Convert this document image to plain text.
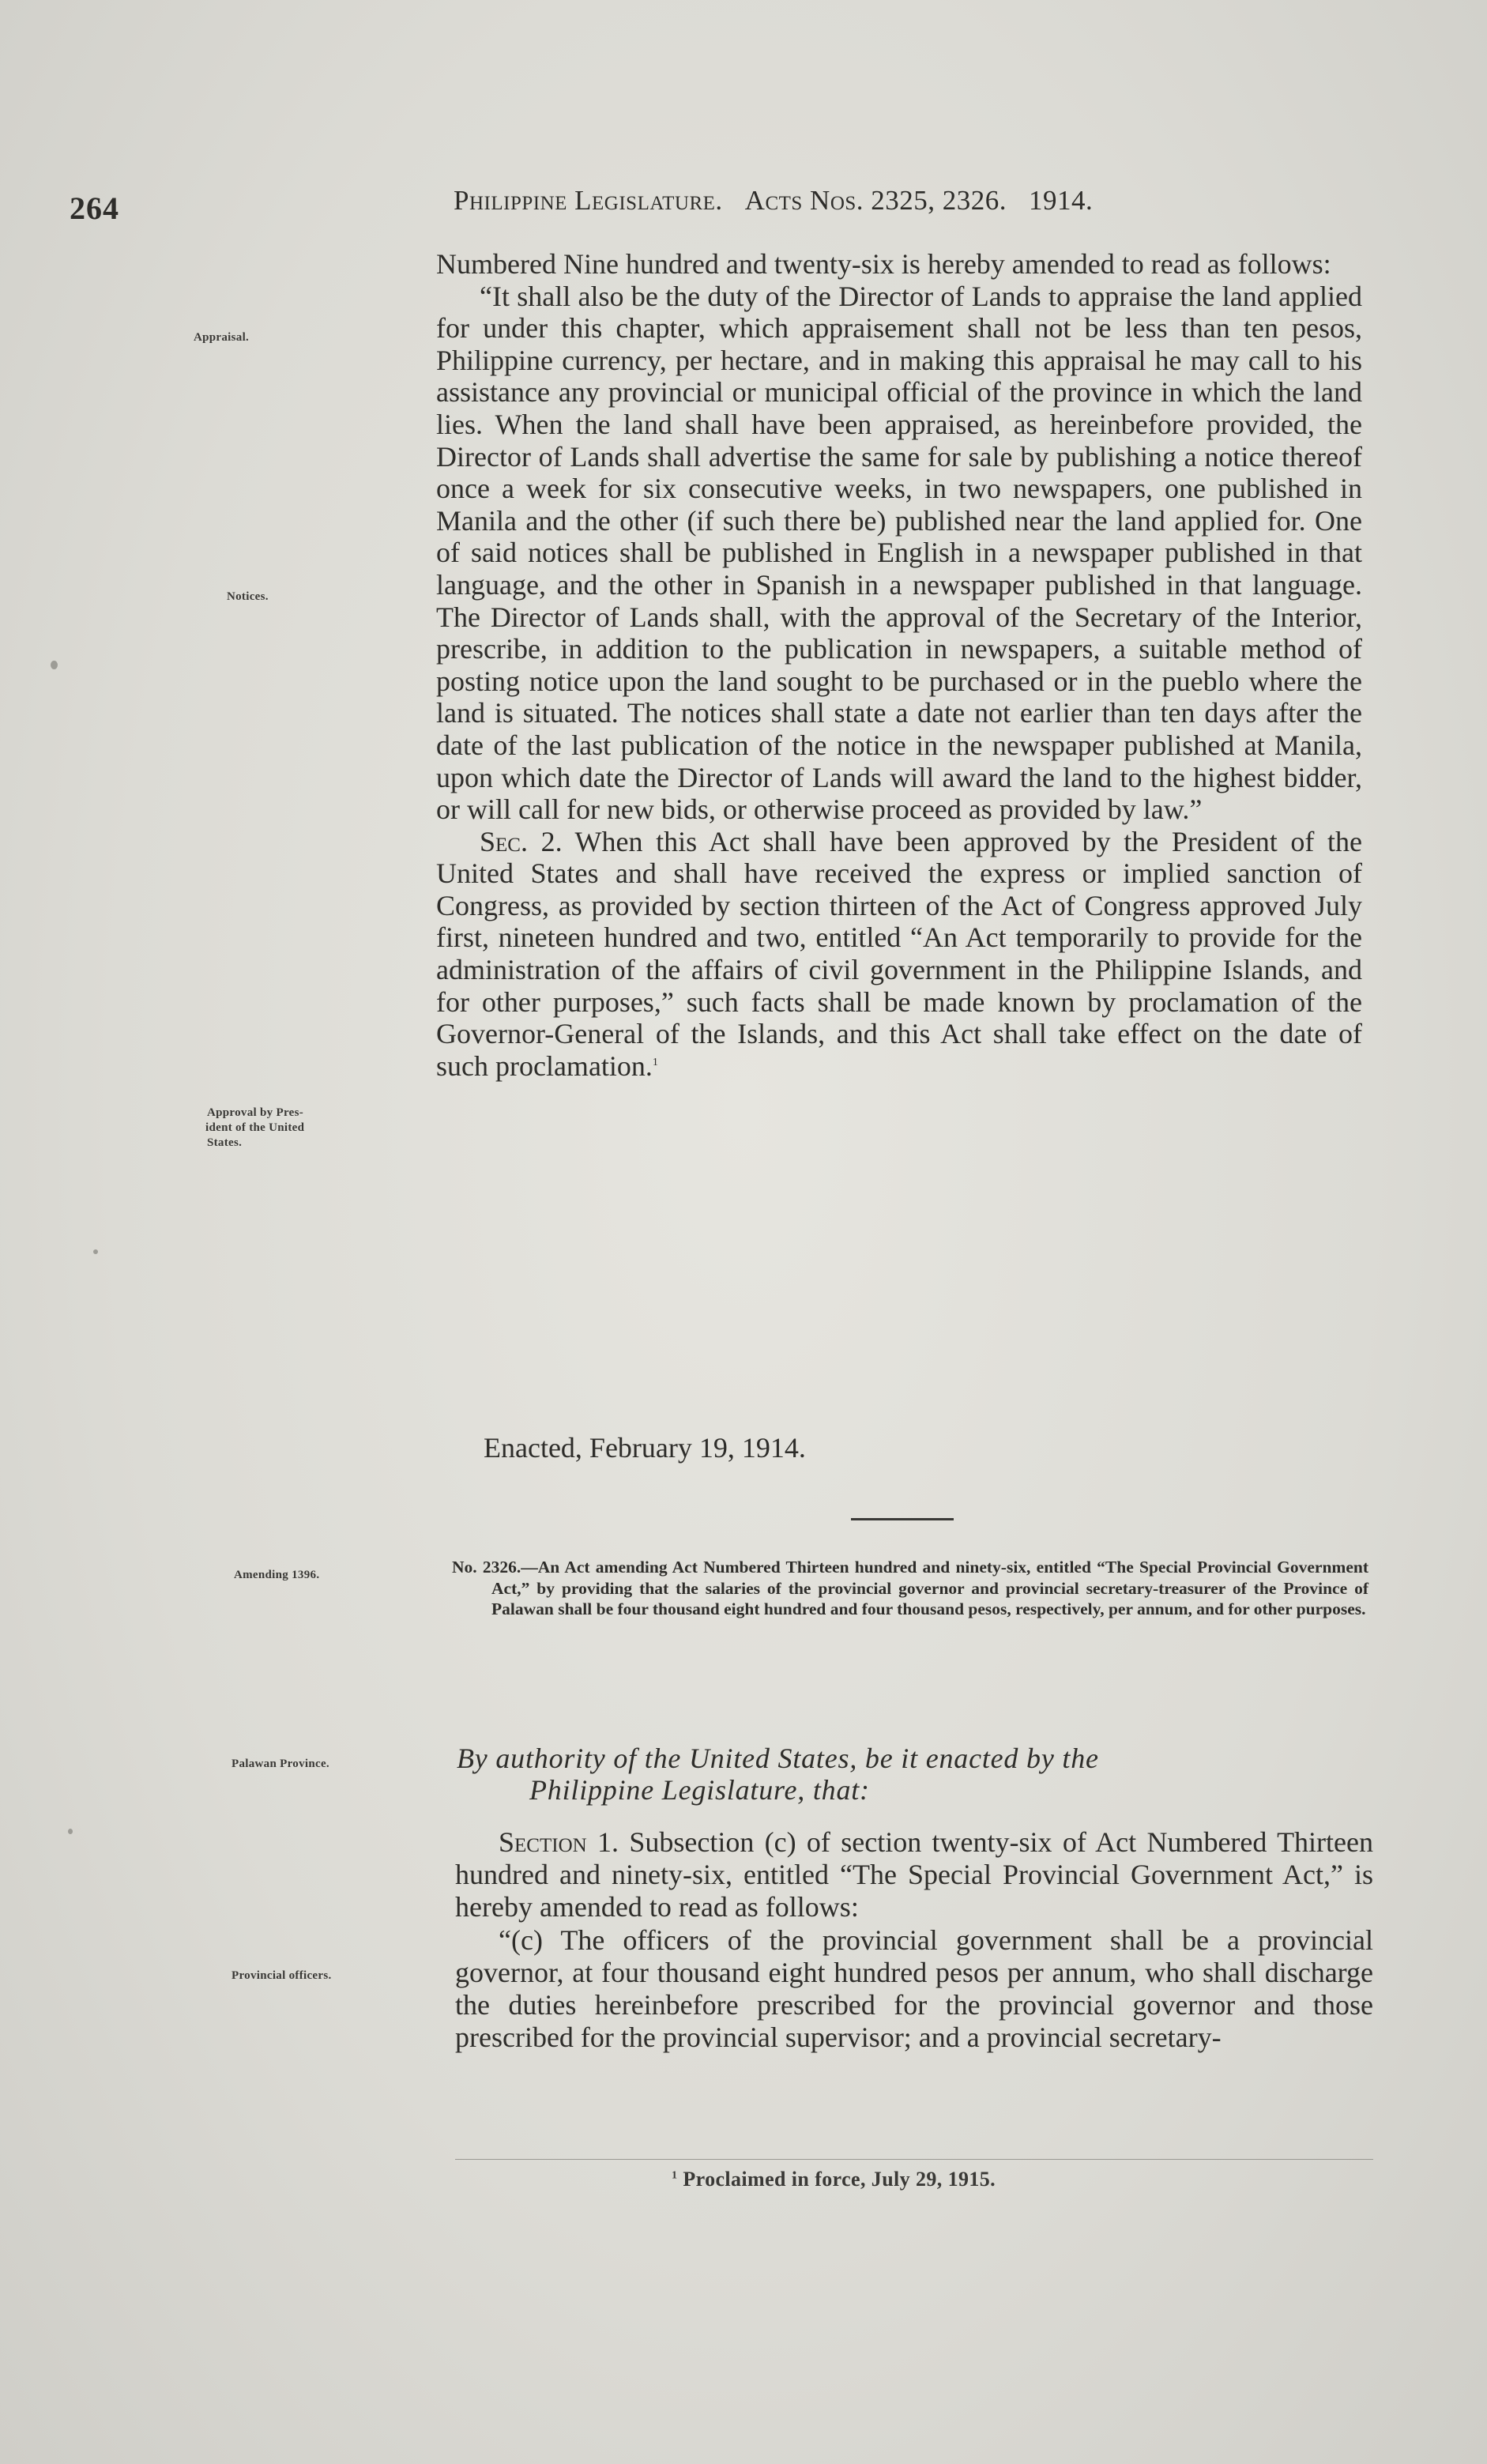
264	Philippine Legislature. Acts Nos. 2325, 2326. 1914.
Appraisal.
Notices.
Approval by Pres-
ident of the United
States.
Amending 1396.
Palawan Province.
Provincial officers.

Numbered Nine hundred and twenty-six is hereby amended to read as follows:

“It shall also be the duty of the Director of Lands to appraise the land applied for under this chapter, which appraisement shall not be less than ten pesos, Philippine currency, per hectare, and in making this appraisal he may call to his assistance any provincial or municipal official of the province in which the land lies. When the land shall have been appraised, as hereinbefore provided, the Director of Lands shall advertise the same for sale by publishing a notice thereof once a week for six consecutive weeks, in two newspapers, one published in Manila and the other (if such there be) published near the land applied for. One of said notices shall be published in English in a newspaper published in that language, and the other in Spanish in a newspaper published in that language. The Director of Lands shall, with the approval of the Secretary of the Interior, prescribe, in addition to the publication in newspapers, a suitable method of posting notice upon the land sought to be purchased or in the pueblo where the land is situated. The notices shall state a date not earlier than ten days after the date of the last publication of the notice in the newspaper published at Manila, upon which date the Director of Lands will award the land to the highest bidder, or will call for new bids, or otherwise proceed as provided by law.”

Sec. 2. When this Act shall have been approved by the President of the United States and shall have received the express or implied sanction of Congress, as provided by section thirteen of the Act of Congress approved July first, nineteen hundred and two, entitled “An Act temporarily to provide for the administration of the affairs of civil government in the Philippine Islands, and for other purposes,” such facts shall be made known by proclamation of the Governor-General of the Islands, and this Act shall take effect on the date of such proclamation.$^1$

Enacted, February 19, 1914.
No. 2326.—An Act amending Act Numbered Thirteen hundred and ninety-six, entitled “The Special Provincial Government Act,” by providing that the salaries of the provincial governor and provincial secretary-treasurer of the Province of Palawan shall be four thousand eight hundred and four thousand pesos, respectively, per annum, and for other purposes.
By authority of the United States, be it enacted by the
Philippine Legislature, that:

Section 1. Subsection (c) of section twenty-six of Act Numbered Thirteen hundred and ninety-six, entitled “The Special Provincial Government Act,” is hereby amended to read as follows:

“(c) The officers of the provincial government shall be a provincial governor, at four thousand eight hundred pesos per annum, who shall discharge the duties hereinbefore prescribed for the provincial governor and those prescribed for the provincial supervisor; and a provincial secretary-

$^1$ Proclaimed in force, July 29, 1915.
